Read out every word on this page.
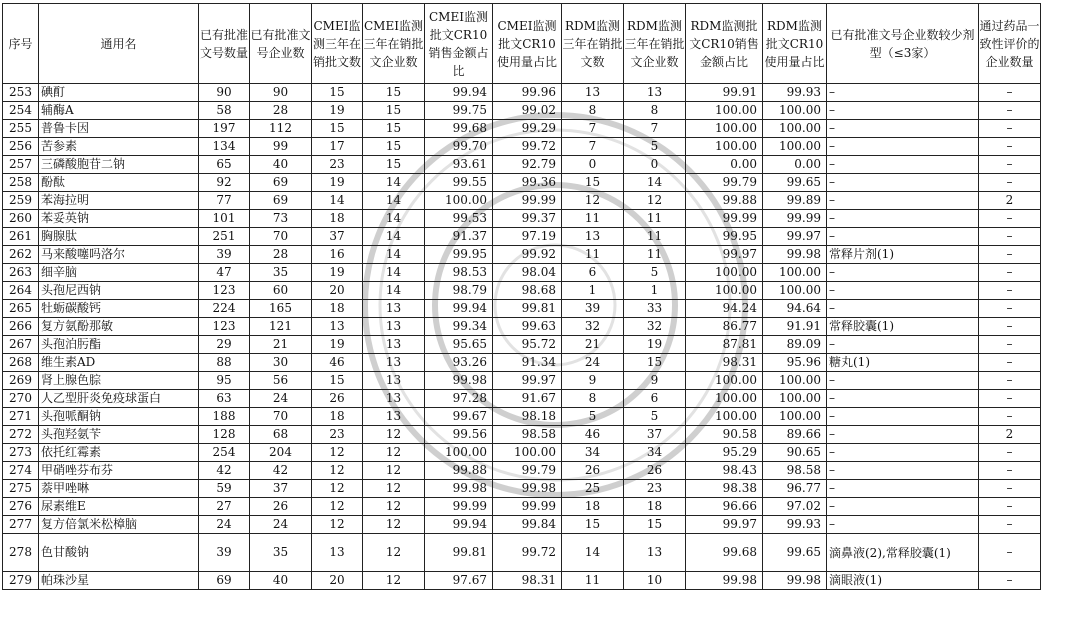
序号	通用名	已有批准文号数量	已有批准文号企业数	CMEI监测三年在销批文数	CMEI监测三年在销批文企业数	CMEI监测批文CR10销售金额占比	CMEI监测批文CR10使用量占比	RDM监测三年在销批文数	RDM监测三年在销批文企业数	RDM监测批文CR10销售金额占比	RDM监测批文CR10使用量占比	已有批准文号企业数较少剂型（≤3家）	通过药品一致性评价的企业数量
253	碘酊	90	90	15	15	99.94	99.96	13	13	99.91	99.93	–	–
254	辅酶A	58	28	19	15	99.75	99.02	8	8	100.00	100.00	–	–
255	普鲁卡因	197	112	15	15	99.68	99.29	7	7	100.00	100.00	–	–
256	苦参素	134	99	17	15	99.70	99.72	7	5	100.00	100.00	–	–
257	三磷酸胞苷二钠	65	40	23	15	93.61	92.79	0	0	0.00	0.00	–	–
258	酚酞	92	69	19	14	99.55	99.36	15	14	99.79	99.65	–	–
259	苯海拉明	77	69	14	14	100.00	99.99	12	12	99.88	99.89	–	2
260	苯妥英钠	101	73	18	14	99.53	99.37	11	11	99.99	99.99	–	–
261	胸腺肽	251	70	37	14	91.37	97.19	13	11	99.95	99.97	–	–
262	马来酸噻吗洛尔	39	28	16	14	99.95	99.92	11	11	99.97	99.98	常释片剂(1)	–
263	细辛脑	47	35	19	14	98.53	98.04	6	5	100.00	100.00	–	–
264	头孢尼西钠	123	60	20	14	98.79	98.68	1	1	100.00	100.00	–	–
265	牡蛎碳酸钙	224	165	18	13	99.94	99.81	39	33	94.24	94.64	–	–
266	复方氨酚那敏	123	121	13	13	99.34	99.63	32	32	86.77	91.91	常释胶囊(1)	–
267	头孢泊肟酯	29	21	19	13	95.65	95.72	21	19	87.81	89.09	–	–
268	维生素AD	88	30	46	13	93.26	91.34	24	15	98.31	95.96	糖丸(1)	–
269	肾上腺色腙	95	56	15	13	99.98	99.97	9	9	100.00	100.00	–	–
270	人乙型肝炎免疫球蛋白	63	24	26	13	97.28	91.67	8	6	100.00	100.00	–	–
271	头孢哌酮钠	188	70	18	13	99.67	98.18	5	5	100.00	100.00	–	–
272	头孢羟氨苄	128	68	23	12	99.56	98.58	46	37	90.58	89.66	–	2
273	依托红霉素	254	204	12	12	100.00	100.00	34	34	95.29	90.65	–	–
274	甲硝唑芬布芬	42	42	12	12	99.88	99.79	26	26	98.43	98.58	–	–
275	萘甲唑啉	59	37	12	12	99.98	99.98	25	23	98.38	96.77	–	–
276	尿素维E	27	26	12	12	99.99	99.99	18	18	96.66	97.02	–	–
277	复方倍氯米松樟脑	24	24	12	12	99.94	99.84	15	15	99.97	99.93	–	–
278	色甘酸钠	39	35	13	12	99.81	99.72	14	13	99.68	99.65	滴鼻液(2),常释胶囊(1)	–
279	帕珠沙星	69	40	20	12	97.67	98.31	11	10	99.98	99.98	滴眼液(1)	–
